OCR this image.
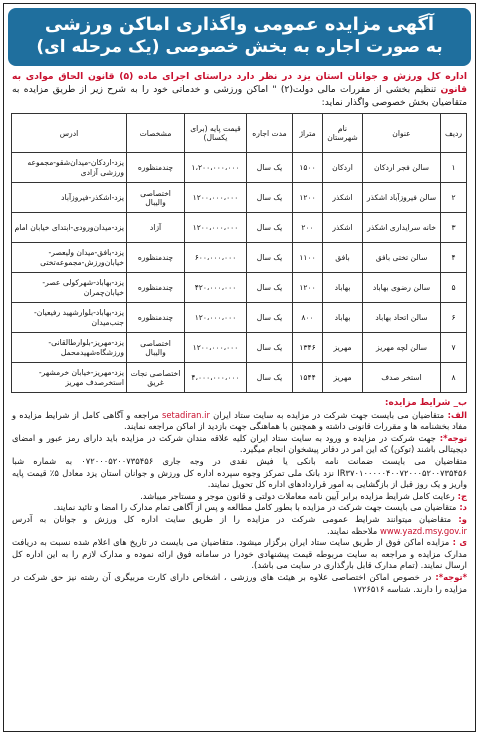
آگهی مزایده عمومی واگذاری اماکن ورزشی
به صورت اجاره به بخش خصوصی (یک مرحله ای)
اداره کل ورزش و جوانان استان یزد در نظر دارد دراستای اجرای ماده (۵) قانون الحاق موادی به قانون تنظیم بخشی از مقررات مالی دولت(۲) " اماکن ورزشی و خدماتی خود را به شرح زیر از طریق مزایده به متقاضیان بخش خصوصی واگذار نماید:
ردیف	عنوان	نام شهرستان	متراژ	مدت اجاره	قیمت پایه (برای یکسال)	مشخصات	ادرس
۱	سالن فجر اردکان	اردکان	۱۵۰۰	یک سال	۱،۲۰۰،۰۰۰،۰۰۰	چندمنظوره	یزد-اردکان-میدان‌شقو-مجموعه ورزشی آزادی
۲	سالن فیروزآباد اشکذر	اشکذر	۱۲۰۰	یک سال	۱۲۰۰،۰۰۰،۰۰۰	اختصاصی والیبال	یزد-اشکذر-فیروزآباد
۳	خانه سرایداری اشکذر	اشکذر	۲۰۰	یک سال	۱۲۰۰،۰۰۰،۰۰۰	آزاد	یزد-میدان‌ورودی-ابتدای خیابان امام
۴	سالن تختی بافق	بافق	۱۱۰۰	یک سال	۶۰۰،۰۰۰،۰۰۰	چندمنظوره	یزد-بافق-میدان ولیعصر-خیابان‌ورزش-مجموعه‌تختی
۵	سالن رضوی بهاباد	بهاباد	۱۲۰۰	یک سال	۴۲۰،۰۰۰،۰۰۰	چندمنظوره	یزد-بهاباد-شهرکولی عصر-خیابان‌چمران
۶	سالن اتحاد بهاباد	بهاباد	۸۰۰	یک سال	۱۲۰،۰۰۰،۰۰۰	چندمنظوره	یزد-بهاباد-بلوارشهید رفیعیان-جنب‌میدان
۷	سالن لچه مهریز	مهریز	۱۳۴۶	یک سال	۱۲۰۰،۰۰۰،۰۰۰	اختصاصی والیبال	یزد-مهریز-بلوارطالقانی-ورزشگاه‌شهیدمحمل
۸	استخر صدف	مهریز	۱۵۴۴	یک سال	۴،۰۰۰،۰۰۰،۰۰۰	اختصاصی نجات غریق	یزد-مهریز-خیابان خرمشهر-استخرصدف مهریز

ب_ شرایط مزایده:

الف: متقاضیان می بایست جهت شرکت در مزایده به سایت ستاد ایران setadiran.ir مراجعه و آگاهی کامل از شرایط مزایده و مفاد بخشنامه ها و مقررات قانونی داشته و همچنین با هماهنگی جهت بازدید از اماکن مراجعه نمایند.

توجه*: جهت شرکت در مزایده و ورود به سایت ستاد ایران کلیه علاقه مندان شرکت در مزایده باید دارای رمز عبور و امضای دیجیتالی باشند (توکن) که این امر در دفاتر پیشخوان انجام میگیرد.

متقاضیان می بایست ضمانت نامه بانکی یا فیش نقدی در وجه جاری ۰۷۲۰۰۰۵۲۰۰۷۳۵۴۵۶ به شماره شبا IR۳۷۰۱۰۰۰۰۰۴۰۰۷۲۰۰۰۵۲۰۰۷۳۵۴۵۶ نزد بانک ملی تمرکز وجوه سپرده اداره کل ورزش و جوانان استان یزد معادل ۵٪ قیمت پایه واریز و یک روز قبل از بازگشایی به امور قراردادهای اداره کل تحویل نمایند.

ج: رعایت کامل شرایط مزایده برابر آیین نامه معاملات دولتی و قانون موجر و مستاجر میباشد.

د: متقاضیان می بایست جهت شرکت در مزایده با بطور کامل مطالعه و پس از آگاهی تمام مدارک را امضا و تائید نمایند.

و: متقاضیان میتوانند شرایط عمومی شرکت در مزایده را از طریق سایت اداره کل ورزش و جوانان به آدرس www.yazd.msy.gov.ir ملاحظه نمایند.

ی : مزایده اماکن فوق از طریق سایت ستاد ایران برگزار میشود. متقاضیان می بایست در تاریخ های اعلام شده نسبت به دریافت مدارک مزایده و مراجعه به سایت مربوطه قیمت پیشنهادی خودرا در سامانه فوق ارائه نموده و مدارک لازم را به این اداره کل ارسال نمایند. (تمام مدارک قابل بارگذاری در سایت می باشد).

*توجه*: در خصوص اماکن اختصاصی علاوه بر هیئت های ورزشی ، اشخاص دارای کارت مربیگری آن رشته نیز حق شرکت در مزایده را دارند. شناسه ۱۷۲۶۵۱۶
